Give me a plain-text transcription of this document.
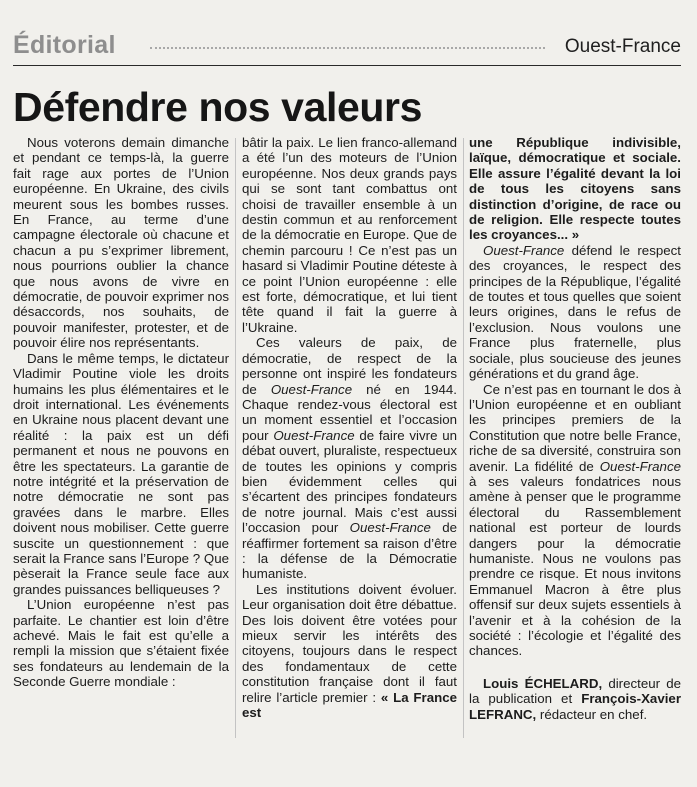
Éditorial	Ouest-France
Défendre nos valeurs

Nous voterons demain dimanche et pendant ce temps-là, la guerre fait rage aux portes de l’Union européenne. En Ukraine, des civils meurent sous les bombes russes. En France, au terme d’une campagne électorale où chacune et chacun a pu s’exprimer librement, nous pourrions oublier la chance que nous avons de vivre en démocratie, de pouvoir exprimer nos désaccords, nos souhaits, de pouvoir manifester, protester, et de pouvoir élire nos représentants.

Dans le même temps, le dictateur Vladimir Poutine viole les droits humains les plus élémentaires et le droit international. Les événements en Ukraine nous placent devant une réalité : la paix est un défi permanent et nous ne pouvons en être les spectateurs. La garantie de notre intégrité et la préservation de notre démocratie ne sont pas gravées dans le marbre. Elles doivent nous mobiliser. Cette guerre suscite un questionnement : que serait la France sans l’Europe ? Que pèserait la France seule face aux grandes puissances belliqueuses ?

L’Union européenne n’est pas parfaite. Le chantier est loin d’être achevé. Mais le fait est qu’elle a rempli la mission que s’étaient fixée ses fondateurs au lendemain de la Seconde Guerre mondiale :

bâtir la paix. Le lien franco-allemand a été l’un des moteurs de l’Union européenne. Nos deux grands pays qui se sont tant combattus ont choisi de travailler ensemble à un destin commun et au renforcement de la démocratie en Europe. Que de chemin parcouru ! Ce n’est pas un hasard si Vladimir Poutine déteste à ce point l’Union européenne : elle est forte, démocratique, et lui tient tête quand il fait la guerre à l’Ukraine.

Ces valeurs de paix, de démocratie, de respect de la personne ont inspiré les fondateurs de Ouest-France né en 1944. Chaque rendez-vous électoral est un moment essentiel et l’occasion pour Ouest-France de faire vivre un débat ouvert, pluraliste, respectueux de toutes les opinions y compris bien évidemment celles qui s’écartent des principes fondateurs de notre journal. Mais c’est aussi l’occasion pour Ouest-France de réaffirmer fortement sa raison d’être : la défense de la Démocratie humaniste.

Les institutions doivent évoluer. Leur organisation doit être débattue. Des lois doivent être votées pour mieux servir les intérêts des citoyens, toujours dans le respect des fondamentaux de cette constitution française dont il faut relire l’article premier : « La France est

une République indivisible, laïque, démocratique et sociale. Elle assure l’égalité devant la loi de tous les citoyens sans distinction d’origine, de race ou de religion. Elle respecte toutes les croyances... »

Ouest-France défend le respect des croyances, le respect des principes de la République, l’égalité de toutes et tous quelles que soient leurs origines, dans le refus de l’exclusion. Nous voulons une France plus fraternelle, plus sociale, plus soucieuse des jeunes générations et du grand âge.

Ce n’est pas en tournant le dos à l’Union européenne et en oubliant les principes premiers de la Constitution que notre belle France, riche de sa diversité, construira son avenir. La fidélité de Ouest-France à ses valeurs fondatrices nous amène à penser que le programme électoral du Rassemblement national est porteur de lourds dangers pour la démocratie humaniste. Nous ne voulons pas prendre ce risque. Et nous invitons Emmanuel Macron à être plus offensif sur deux sujets essentiels à l’avenir et à la cohésion de la société : l’écologie et l’égalité des chances.

Louis ÉCHELARD, directeur de la publication et François-Xavier LEFRANC, rédacteur en chef.
